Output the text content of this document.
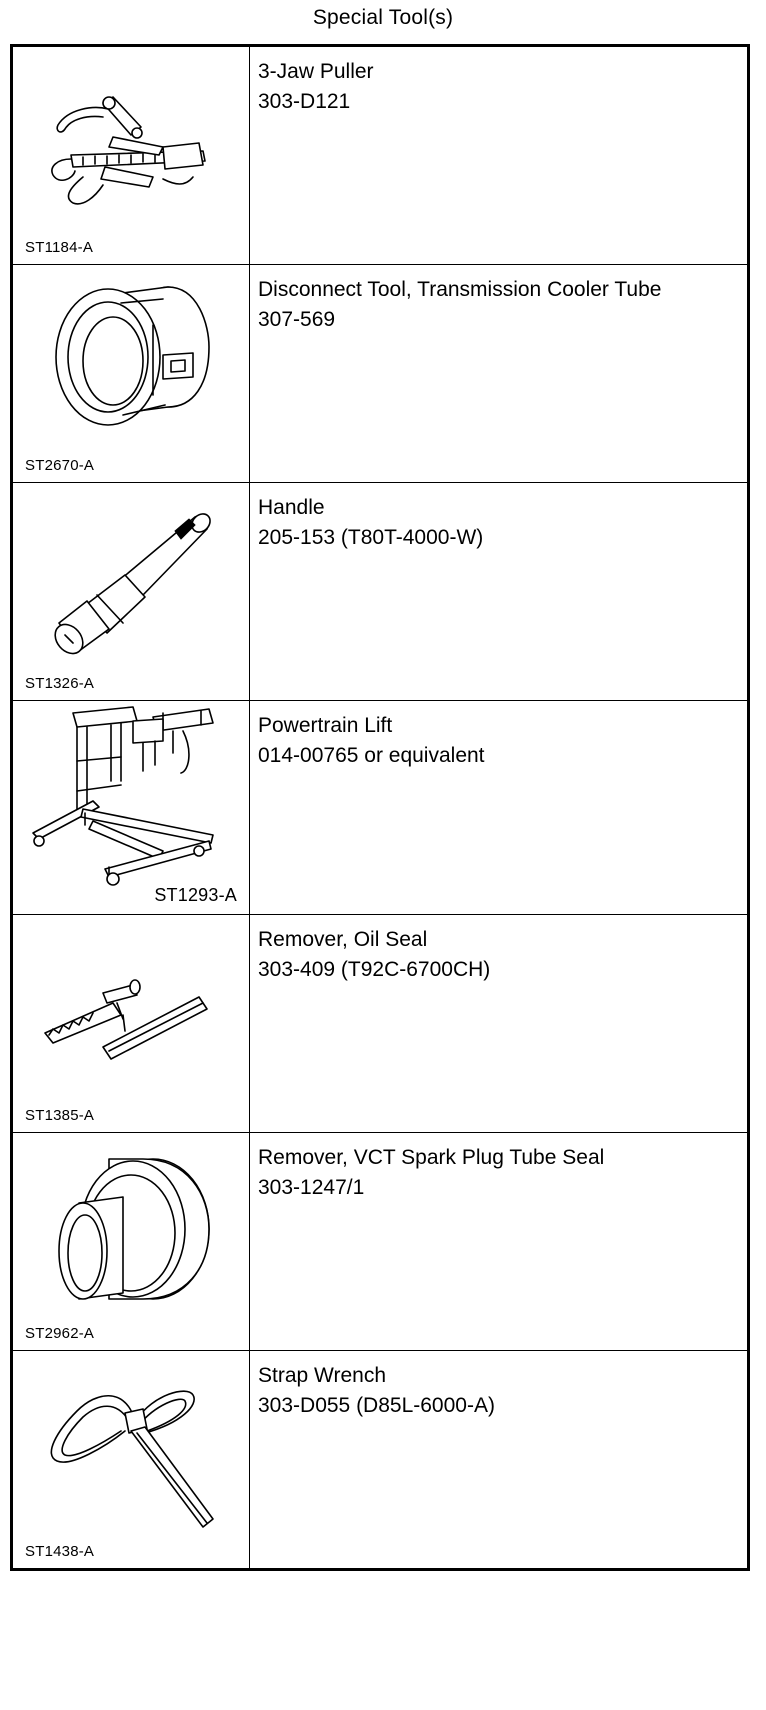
Special Tool(s)
ST1184-A	3-Jaw Puller
303-D121

ST2670-A	Disconnect Tool, Transmission Cooler Tube
307-569

ST1326-A	Handle
205-153 (T80T-4000-W)

ST1293-A	Powertrain Lift
014-00765 or equivalent

ST1385-A	Remover, Oil Seal
303-409 (T92C-6700CH)

ST2962-A	Remover, VCT Spark Plug Tube Seal
303-1247/1

ST1438-A	Strap Wrench
303-D055 (D85L-6000-A)
